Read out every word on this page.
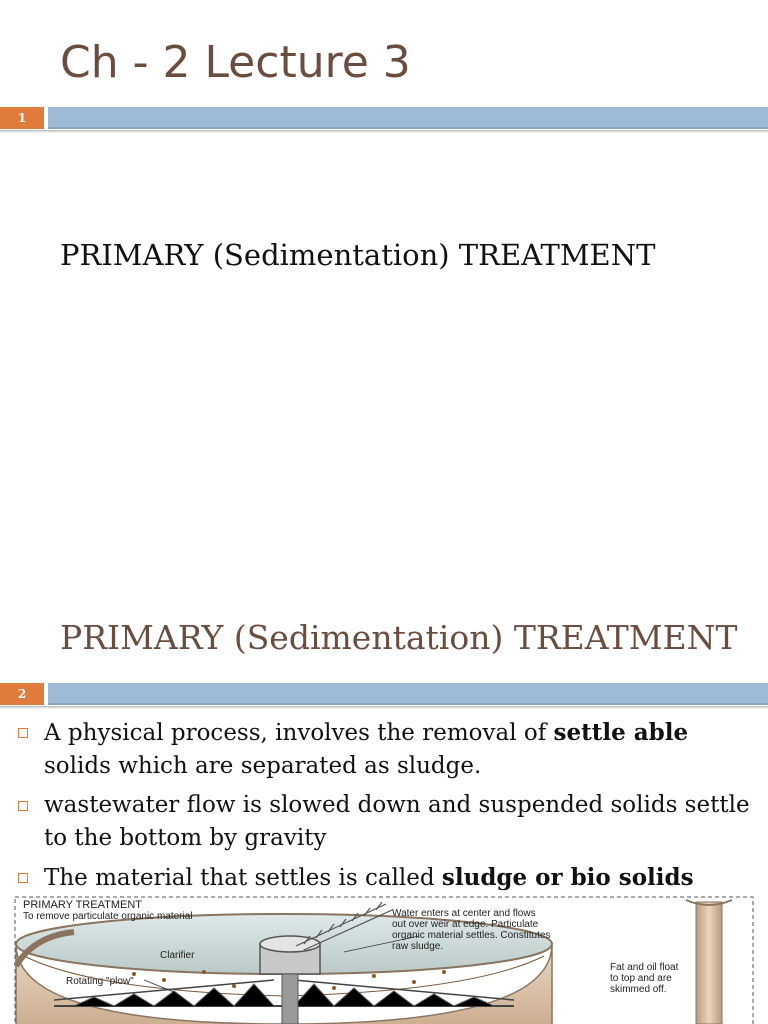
Ch - 2 Lecture 3
1
PRIMARY (Sedimentation) TREATMENT
PRIMARY (Sedimentation) TREATMENT
2
A physical process, involves the removal of settle able solids which are separated as sludge.
wastewater flow is slowed down and suspended solids settle to the bottom by gravity
The material that settles is called sludge or bio solids
PRIMARY TREATMENT
To remove particulate organic material	Water enters at center and flows
out over weir at edge. Particulate
organic material settles. Constitutes
raw sludge.
Clarifier
Rotating "plow"
Fat and oil float
to top and are
skimmed off.
